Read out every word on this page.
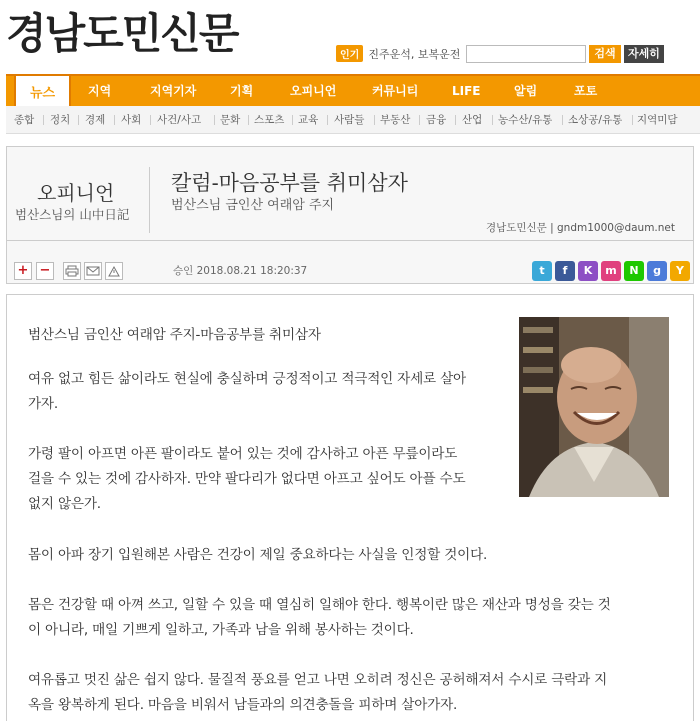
경남도민신문	인기 진주운석, 보복운전	검색	자세히
뉴스	지역	지역기자	기획	오피니언	커뮤니티	LIFE	알림	포토
종합 정치 경제 사회 사건/사고 문화 스포츠 교육 사람들 부동산 금융 산업 농수산/유통 소상공/유통 지역미담
오피니언
범산스님의 山中日記
칼럼-마음공부를 취미삼자
범산스님 금인산 여래암 주지
경남도민신문 | gndm1000@daum.net
+ −	승인 2018.08.21 18:20:37	t	f	K	m	N	g	Y
범산스님 금인산 여래암 주지-마음공부를 취미삼자
여유 없고 힘든 삶이라도 현실에 충실하며 긍정적이고 적극적인 자세로 살아
가자.
가령 팔이 아프면 아픈 팔이라도 붙어 있는 것에 감사하고 아픈 무릎이라도
걸을 수 있는 것에 감사하자. 만약 팔다리가 없다면 아프고 싶어도 아플 수도
없지 않은가.
몸이 아파 장기 입원해본 사람은 건강이 제일 중요하다는 사실을 인정할 것이다.
몸은 건강할 때 아껴 쓰고, 일할 수 있을 때 열심히 일해야 한다. 행복이란 많은 재산과 명성을 갖는 것
이 아니라, 매일 기쁘게 일하고, 가족과 남을 위해 봉사하는 것이다.
여유롭고 멋진 삶은 쉽지 않다. 물질적 풍요를 얻고 나면 오히려 정신은 공허해져서 수시로 극락과 지
옥을 왕복하게 된다. 마음을 비워서 남들과의 의견충돌을 피하며 살아가자.
